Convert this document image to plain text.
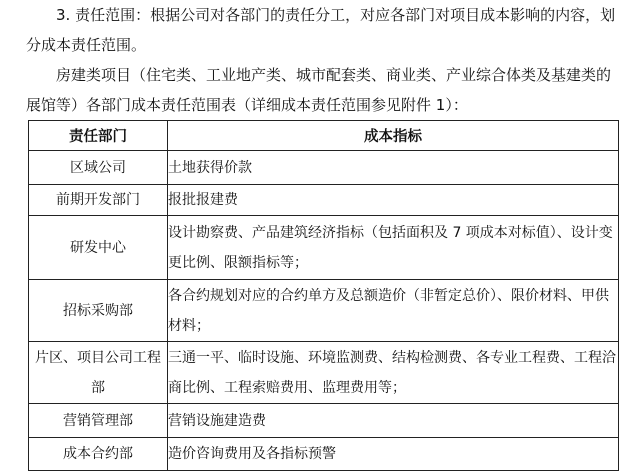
3. 责任范围：根据公司对各部门的责任分工，对应各部门对项目成本影响的内容，划分成本责任范围。

房建类项目（住宅类、工业地产类、城市配套类、商业类、产业综合体类及基建类的展馆等）各部门成本责任范围表（详细成本责任范围参见附件 1）：

责任部门	成本指标
区域公司	土地获得价款
前期开发部门	报批报建费
研发中心	设计勘察费、产品建筑经济指标（包括面积及 7 项成本对标值）、设计变更比例、限额指标等；
招标采购部	各合约规划对应的合约单方及总额造价（非暂定总价）、限价材料、甲供材料；
片区、项目公司工程部	三通一平、临时设施、环境监测费、结构检测费、各专业工程费、工程洽商比例、工程索赔费用、监理费用等；
营销管理部	营销设施建造费
成本合约部	造价咨询费用及各指标预警
